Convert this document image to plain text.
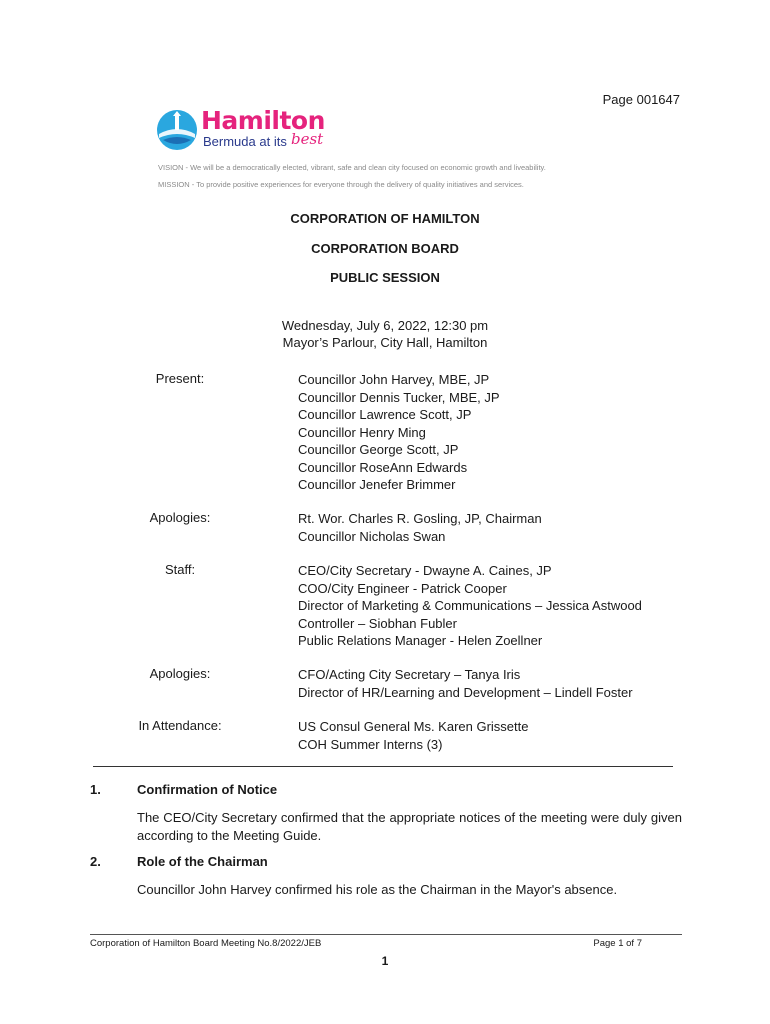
Page 001647
Hamilton
Bermuda at its best
VISION - We will be a democratically elected, vibrant, safe and clean city focused on economic growth and liveability.
MISSION - To provide positive experiences for everyone through the delivery of quality initiatives and services.
CORPORATION OF HAMILTON
CORPORATION BOARD
PUBLIC SESSION
Wednesday, July 6, 2022, 12:30 pm
Mayor’s Parlour, City Hall, Hamilton
Present:	Councillor John Harvey, MBE, JP
Councillor Dennis Tucker, MBE, JP
Councillor Lawrence Scott, JP
Councillor Henry Ming
Councillor George Scott, JP
Councillor RoseAnn Edwards
Councillor Jenefer Brimmer
Apologies:	Rt. Wor. Charles R. Gosling, JP, Chairman
Councillor Nicholas Swan
Staff:	CEO/City Secretary - Dwayne A. Caines, JP
COO/City Engineer - Patrick Cooper
Director of Marketing & Communications – Jessica Astwood
Controller – Siobhan Fubler
Public Relations Manager - Helen Zoellner
Apologies:	CFO/Acting City Secretary – Tanya Iris
Director of HR/Learning and Development – Lindell Foster
In Attendance:	US Consul General Ms. Karen Grissette
COH Summer Interns (3)
1.	Confirmation of Notice
The CEO/City Secretary confirmed that the appropriate notices of the meeting were duly given according to the Meeting Guide.
2.	Role of the Chairman
Councillor John Harvey confirmed his role as the Chairman in the Mayor's absence.
Corporation of Hamilton Board Meeting No.8/2022/JEB	Page 1 of 7
1
